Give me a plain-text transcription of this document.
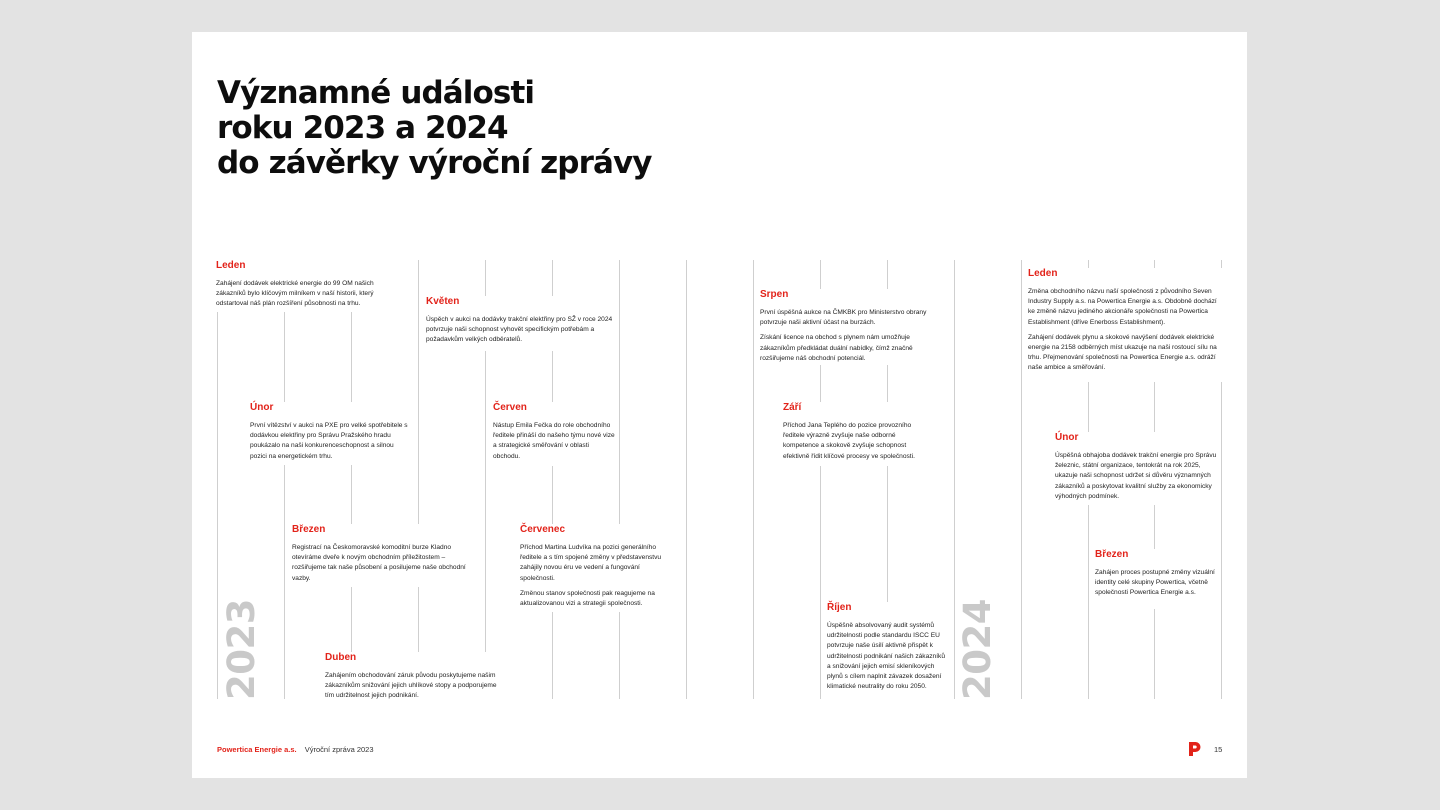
Významné události
roku 2023 a 2024
do závěrky výroční zprávy
2023	2024
Leden
Zahájení dodávek elektrické energie do 99 OM našich zákazníků bylo klíčovým milníkem v naší historii, který odstartoval náš plán rozšíření působnosti na trhu.
Únor
První vítězství v aukci na PXE pro velké spotřebitele s dodávkou elektřiny pro Správu Pražského hradu poukázalo na naši konkurenceschopnost a silnou pozici na energetickém trhu.
Březen
Registrací na Českomoravské komoditní burze Kladno otevíráme dveře k novým obchodním příležitostem – rozšiřujeme tak naše působení a posilujeme naše obchodní vazby.
Duben
Zahájením obchodování záruk původu poskytujeme našim zákazníkům snižování jejich uhlíkové stopy a podporujeme tím udržitelnost jejich podnikání.
Květen
Úspěch v aukci na dodávky trakční elektřiny pro SŽ v roce 2024 potvrzuje naši schopnost vyhovět specifickým potřebám a požadavkům velkých odběratelů.
Červen
Nástup Emila Fečka do role obchodního ředitele přináší do našeho týmu nové vize a strategické směřování v oblasti obchodu.
Červenec
Příchod Martina Ludvíka na pozici generálního ředitele a s tím spojené změny v představenstvu zahájily novou éru ve vedení a fungování společnosti.
Změnou stanov společnosti pak reagujeme na aktualizovanou vizi a strategii společnosti.
Srpen
První úspěšná aukce na ČMKBK pro Ministerstvo obrany potvrzuje naši aktivní účast na burzách.
Získání licence na obchod s plynem nám umožňuje zákazníkům předkládat duální nabídky, čímž značně rozšiřujeme náš obchodní potenciál.
Září
Příchod Jana Teplého do pozice provozního ředitele výrazně zvyšuje naše odborné kompetence a skokově zvyšuje schopnost efektivně řídit klíčové procesy ve společnosti.
Říjen
Úspěšně absolvovaný audit systémů udržitelnosti podle standardu ISCC EU potvrzuje naše úsilí aktivně přispět k udržitelnosti podnikání našich zákazníků a snižování jejich emisí skleníkových plynů s cílem naplnit závazek dosažení klimatické neutrality do roku 2050.
Leden
Změna obchodního názvu naší společnosti z původního Seven Industry Supply a.s. na Powertica Energie a.s. Obdobně dochází ke změně názvu jediného akcionáře společnosti na Powertica Establishment (dříve Enerboss Establishment).
Zahájení dodávek plynu a skokové navýšení dodávek elektrické energie na 2158 odběrných míst ukazuje na naši rostoucí sílu na trhu. Přejmenování společnosti na Powertica Energie a.s. odráží naše ambice a směřování.
Únor
Úspěšná obhajoba dodávek trakční energie pro Správu železnic, státní organizace, tentokrát na rok 2025, ukazuje naši schopnost udržet si důvěru významných zákazníků a poskytovat kvalitní služby za ekonomicky výhodných podmínek.
Březen
Zahájen proces postupné změny vizuální identity celé skupiny Powertica, včetně společnosti Powertica Energie a.s.
Powertica Energie a.s. Výroční zpráva 2023	15
